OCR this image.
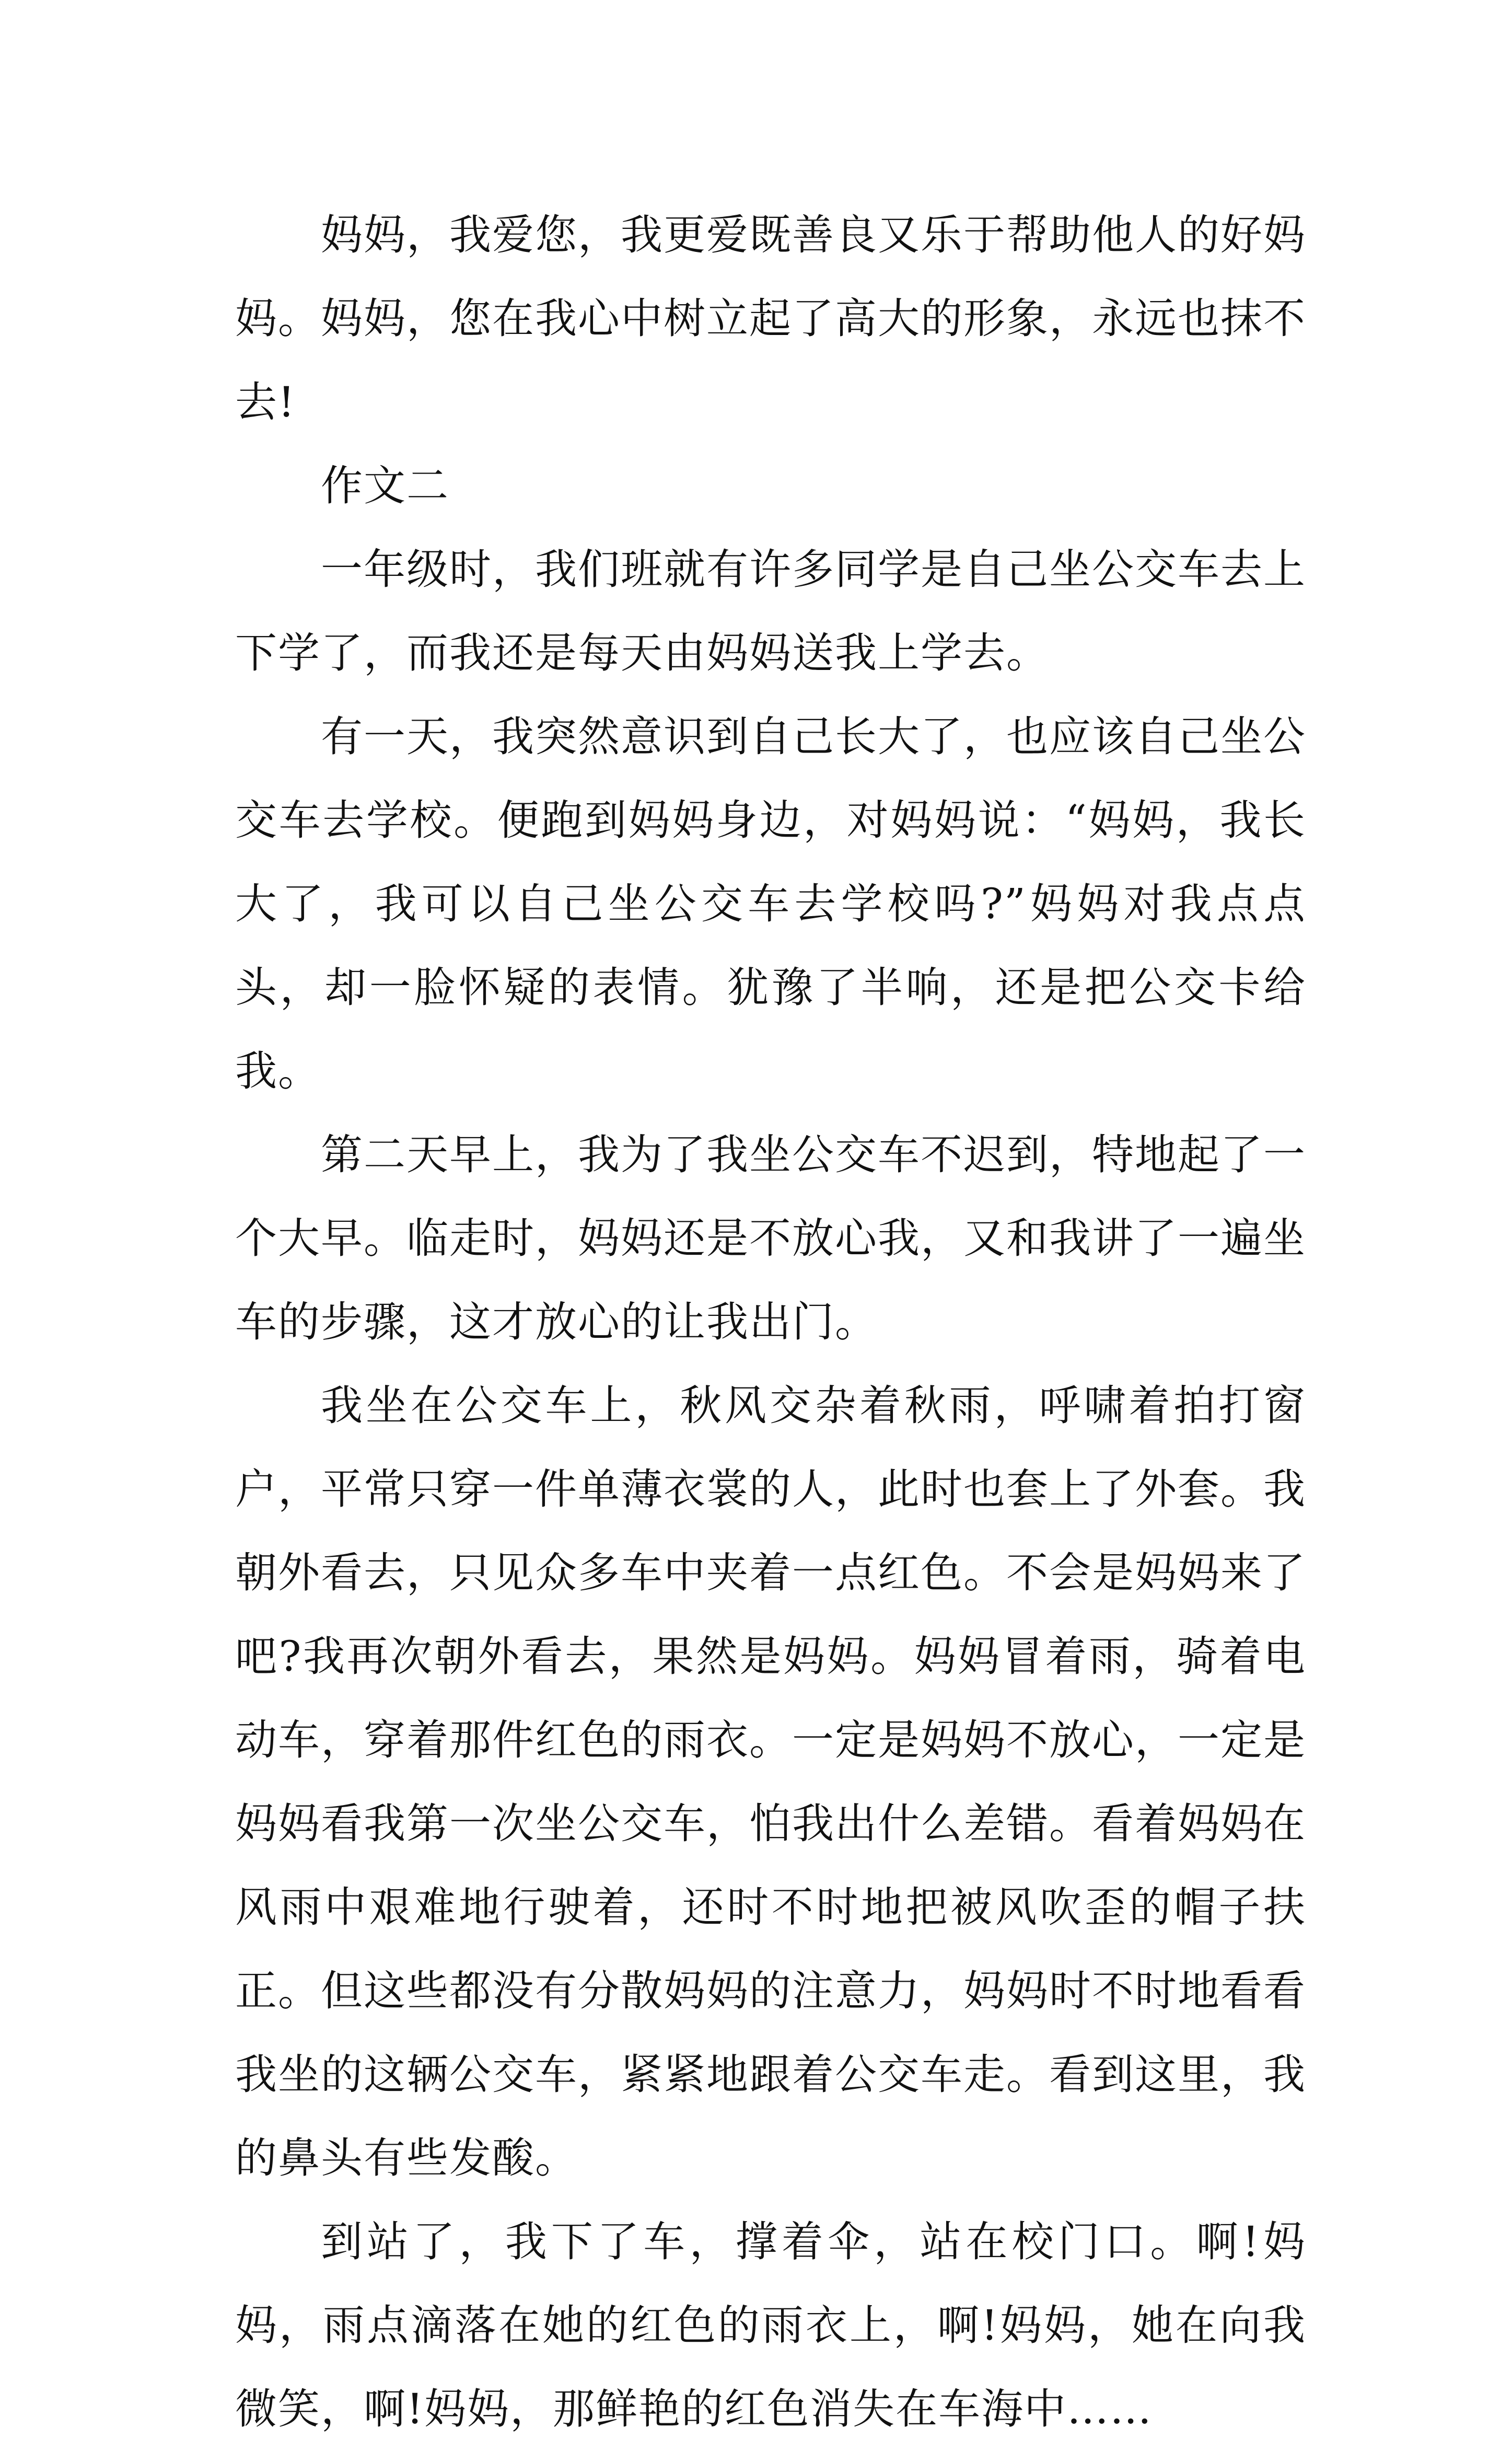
妈妈，我爱您，我更爱既善良又乐于帮助他人的好妈妈。妈妈，您在我心中树立起了高大的形象，永远也抹不去!

作文二

一年级时，我们班就有许多同学是自己坐公交车去上下学了，而我还是每天由妈妈送我上学去。

有一天，我突然意识到自己长大了，也应该自己坐公交车去学校。便跑到妈妈身边，对妈妈说：“妈妈，我长大了，我可以自己坐公交车去学校吗?”妈妈对我点点头，却一脸怀疑的表情。犹豫了半响，还是把公交卡给我。

第二天早上，我为了我坐公交车不迟到，特地起了一个大早。临走时，妈妈还是不放心我，又和我讲了一遍坐车的步骤，这才放心的让我出门。

我坐在公交车上，秋风交杂着秋雨，呼啸着拍打窗户，平常只穿一件单薄衣裳的人，此时也套上了外套。我朝外看去，只见众多车中夹着一点红色。不会是妈妈来了吧?我再次朝外看去，果然是妈妈。妈妈冒着雨，骑着电动车，穿着那件红色的雨衣。一定是妈妈不放心，一定是妈妈看我第一次坐公交车，怕我出什么差错。看着妈妈在风雨中艰难地行驶着，还时不时地把被风吹歪的帽子扶正。但这些都没有分散妈妈的注意力，妈妈时不时地看看我坐的这辆公交车，紧紧地跟着公交车走。看到这里，我的鼻头有些发酸。

到站了，我下了车，撑着伞，站在校门口。啊!妈妈，雨点滴落在她的红色的雨衣上，啊!妈妈，她在向我微笑，啊!妈妈，那鲜艳的红色消失在车海中……
